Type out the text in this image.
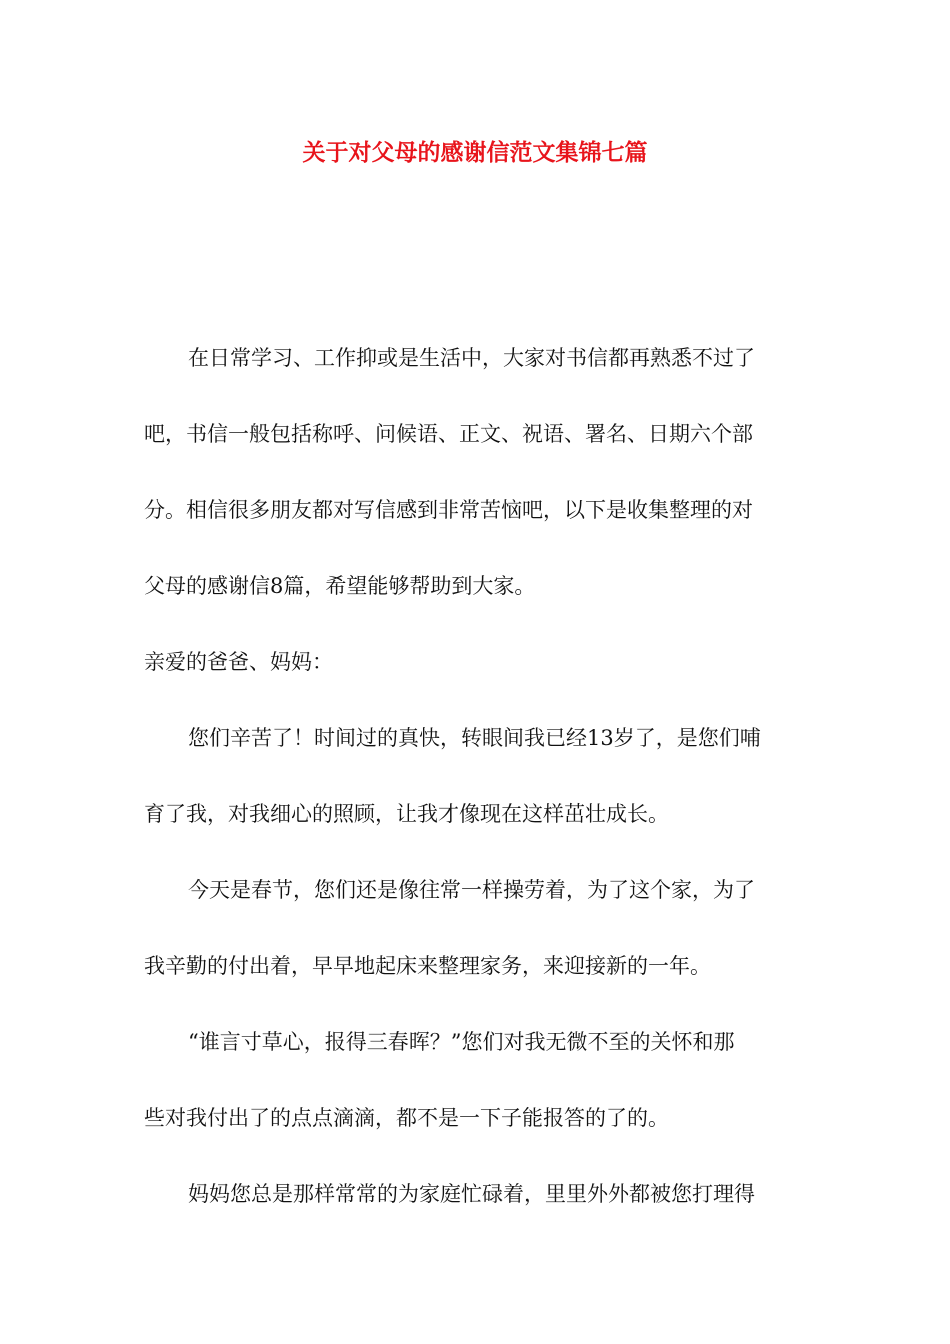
关于对父母的感谢信范文集锦七篇
在日常学习、工作抑或是生活中，大家对书信都再熟悉不过了
吧，书信一般包括称呼、问候语、正文、祝语、署名、日期六个部
分。相信很多朋友都对写信感到非常苦恼吧，以下是收集整理的对
父母的感谢信8篇，希望能够帮助到大家。
亲爱的爸爸、妈妈：
您们辛苦了！时间过的真快，转眼间我已经13岁了，是您们哺
育了我，对我细心的照顾，让我才像现在这样茁壮成长。
今天是春节，您们还是像往常一样操劳着，为了这个家，为了
我辛勤的付出着，早早地起床来整理家务，来迎接新的一年。
“谁言寸草心，报得三春晖？”您们对我无微不至的关怀和那
些对我付出了的点点滴滴，都不是一下子能报答的了的。
妈妈您总是那样常常的为家庭忙碌着，里里外外都被您打理得
